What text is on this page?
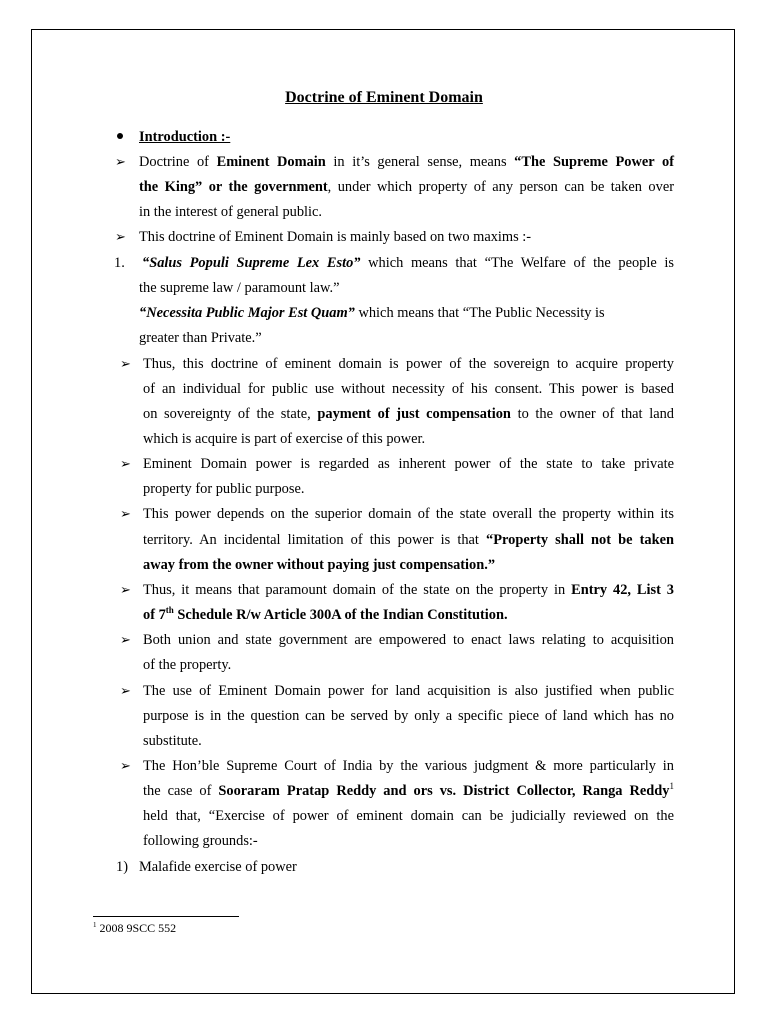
Doctrine of Eminent Domain
Introduction :-
➢ Doctrine of Eminent Domain in it’s general sense, means “The Supreme Power of
the King” or the government, under which property of any person can be taken over
in the interest of general public.
➢ This doctrine of Eminent Domain is mainly based on two maxims :-
1. “Salus Populi Supreme Lex Esto” which means that “The Welfare of the people is
the supreme law / paramount law.”
“Necessita Public Major Est Quam” which means that “The Public Necessity is
greater than Private.”
➢ Thus, this doctrine of eminent domain is power of the sovereign to acquire property
of an individual for public use without necessity of his consent. This power is based
on sovereignty of the state, payment of just compensation to the owner of that land
which is acquire is part of exercise of this power.
➢ Eminent Domain power is regarded as inherent power of the state to take private
property for public purpose.
➢ This power depends on the superior domain of the state overall the property within its
territory. An incidental limitation of this power is that “Property shall not be taken
away from the owner without paying just compensation.”
➢ Thus, it means that paramount domain of the state on the property in Entry 42, List 3
of 7th Schedule R/w Article 300A of the Indian Constitution.
➢ Both union and state government are empowered to enact laws relating to acquisition
of the property.
➢ The use of Eminent Domain power for land acquisition is also justified when public
purpose is in the question can be served by only a specific piece of land which has no
substitute.
➢ The Hon’ble Supreme Court of India by the various judgment & more particularly in
the case of Sooraram Pratap Reddy and ors vs. District Collector, Ranga Reddy$^1$
held that, “Exercise of power of eminent domain can be judicially reviewed on the
following grounds:-
1) Malafide exercise of power
$^1$ 2008 9SCC 552
